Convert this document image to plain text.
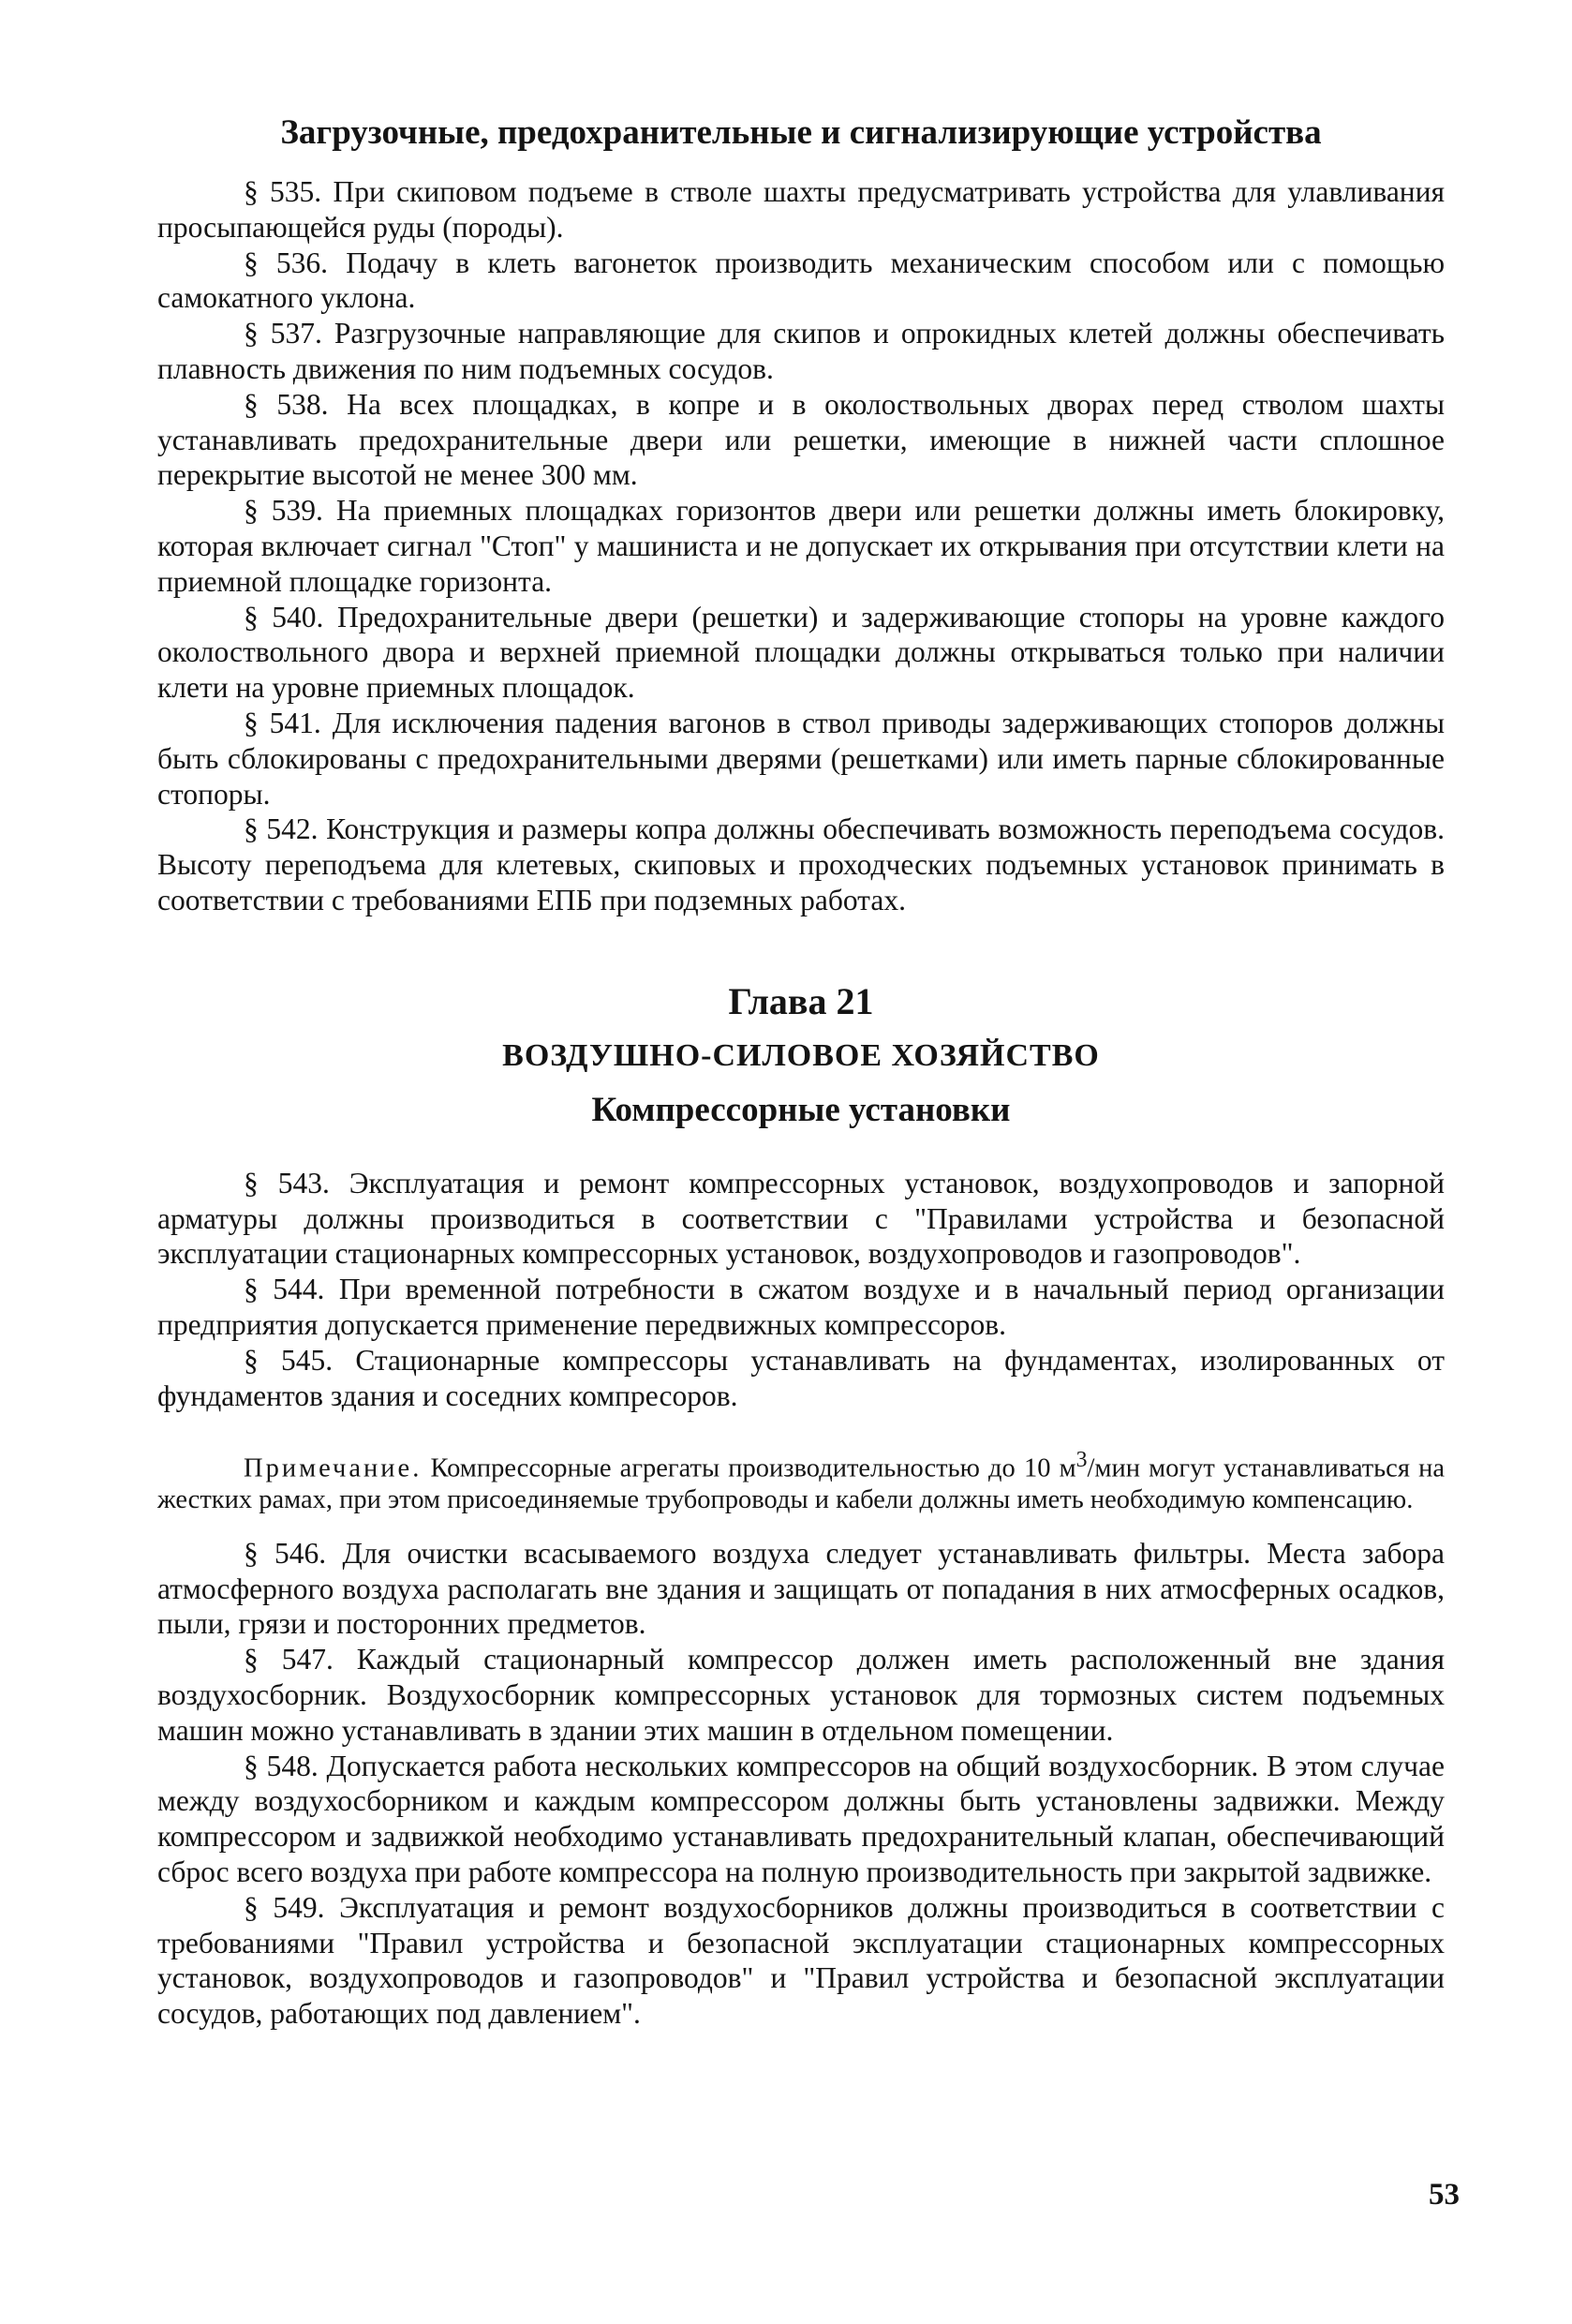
Загрузочные, предохранительные и сигнализирующие устройства

§ 535. При скиповом подъеме в стволе шахты предусматривать устройства для улавливания просыпающейся руды (породы).

§ 536. Подачу в клеть вагонеток производить механическим способом или с помощью самокатного уклона.

§ 537. Разгрузочные направляющие для скипов и опрокидных клетей должны обеспечивать плавность движения по ним подъемных сосудов.

§ 538. На всех площадках, в копре и в околоствольных дворах перед стволом шахты устанавливать предохранительные двери или решетки, имеющие в нижней части сплошное перекрытие высотой не менее 300 мм.

§ 539. На приемных площадках горизонтов двери или решетки должны иметь блокировку, которая включает сигнал "Стоп" у машиниста и не допускает их открывания при отсутствии клети на приемной площадке горизонта.

§ 540. Предохранительные двери (решетки) и задерживающие стопоры на уровне каждого околоствольного двора и верхней приемной площадки должны открываться только при наличии клети на уровне приемных площадок.

§ 541. Для исключения падения вагонов в ствол приводы задерживающих стопоров должны быть сблокированы с предохранительными дверями (решетками) или иметь парные сблокированные стопоры.

§ 542. Конструкция и размеры копра должны обеспечивать возможность переподъема сосудов. Высоту переподъема для клетевых, скиповых и проходческих подъемных установок принимать в соответствии с требованиями ЕПБ при подземных работах.

Глава 21
ВОЗДУШНО-СИЛОВОЕ ХОЗЯЙСТВО
Компрессорные установки

§ 543. Эксплуатация и ремонт компрессорных установок, воздухопроводов и запорной арматуры должны производиться в соответствии с "Правилами устройства и безопасной эксплуатации стационарных компрессорных установок, воздухопроводов и газопроводов".

§ 544. При временной потребности в сжатом воздухе и в начальный период организации предприятия допускается применение передвижных компрессоров.

§ 545. Стационарные компрессоры устанавливать на фундаментах, изолированных от фундаментов здания и соседних компресоров.

Примечание. Компрессорные агрегаты производительностью до 10 $м^3$/мин могут устанавливаться на жестких рамах, при этом присоединяемые трубопроводы и кабели должны иметь необходимую компенсацию.

§ 546. Для очистки всасываемого воздуха следует устанавливать фильтры. Места забора атмосферного воздуха располагать вне здания и защищать от попадания в них атмосферных осадков, пыли, грязи и посторонних предметов.

§ 547. Каждый стационарный компрессор должен иметь расположенный вне здания воздухосборник. Воздухосборник компрессорных установок для тормозных систем подъемных машин можно устанавливать в здании этих машин в отдельном помещении.

§ 548. Допускается работа нескольких компрессоров на общий воздухосборник. В этом случае между воздухосборником и каждым компрессором должны быть установлены задвижки. Между компрессором и задвижкой необходимо устанавливать предохранительный клапан, обеспечивающий сброс всего воздуха при работе компрессора на полную производительность при закрытой задвижке.

§ 549. Эксплуатация и ремонт воздухосборников должны производиться в соответствии с требованиями "Правил устройства и безопасной эксплуатации стационарных компрессорных установок, воздухопроводов и газопроводов" и "Правил устройства и безопасной эксплуатации сосудов, работающих под давлением".

53
